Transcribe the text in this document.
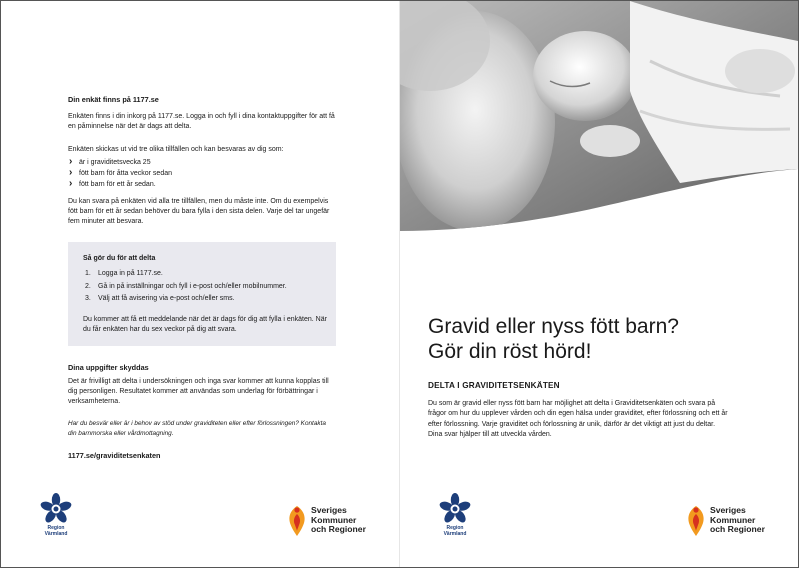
Din enkät finns på 1177.se

Enkäten finns i din inkorg på 1177.se. Logga in och fyll i dina kontaktuppgifter för att få en påminnelse när det är dags att delta.

Enkäten skickas ut vid tre olika tillfällen och kan besvaras av dig som:

› är i graviditetsvecka 25
› fött barn för åtta veckor sedan
› fött barn för ett år sedan.

Du kan svara på enkäten vid alla tre tillfällen, men du måste inte. Om du exempelvis fött barn för ett år sedan behöver du bara fylla i den sista delen. Varje del tar ungefär fem minuter att besvara.

Så gör du för att delta

1. Logga in på 1177.se.
2. Gå in på inställningar och fyll i e-post och/eller mobilnummer.
3. Välj att få avisering via e-post och/eller sms.

Du kommer att få ett meddelande när det är dags för dig att fylla i enkäten. När du får enkäten har du sex veckor på dig att svara.

Dina uppgifter skyddas

Det är frivilligt att delta i undersökningen och inga svar kommer att kunna kopplas till dig personligen. Resultatet kommer att användas som underlag för förbättringar i verksamheterna.

Har du besvär eller är i behov av stöd under graviditeten eller efter förlossningen? Kontakta din barnmorska eller vårdmottagning.

1177.se/graviditetsenkaten

Region
Värmland
Sveriges
Kommuner
och Regioner
Gravid eller nyss fött barn?
Gör din röst hörd!

DELTA I GRAVIDITETSENKÄTEN

Du som är gravid eller nyss fött barn har möjlighet att delta i Graviditetsenkäten och svara på frågor om hur du upplever vården och din egen hälsa under graviditet, efter förlossning och ett år efter förlossning. Varje graviditet och förlossning är unik, därför är det viktigt att just du deltar. Dina svar hjälper till att utveckla vården.

Region
Värmland
Sveriges
Kommuner
och Regioner
